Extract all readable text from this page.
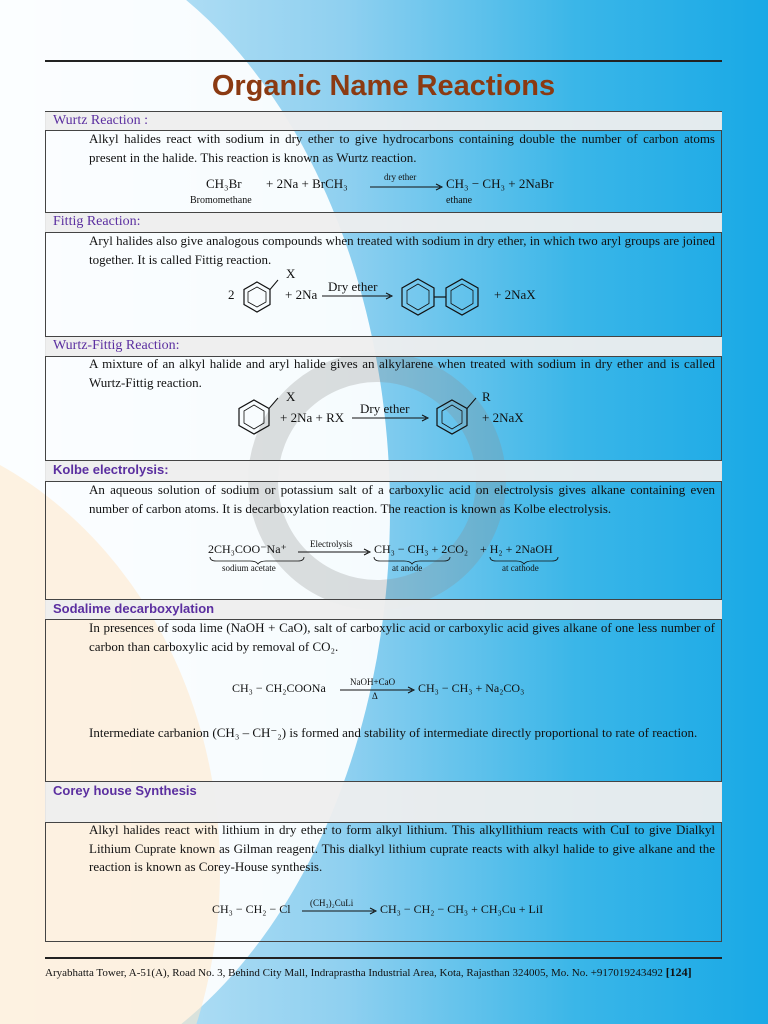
Organic Name Reactions
Wurtz Reaction :

Alkyl halides react with sodium in dry ether to give hydrocarbons containing double the number of carbon atoms present in the halide. This reaction is known as Wurtz reaction.

CH₃Br + 2Na + BrCH₃	dry ether CH₃ − CH₃ + 2NaBr
Bromomethane	ethane
Fittig Reaction:

Aryl halides also give analogous compounds when treated with sodium in dry ether, in which two aryl groups are joined together. It is called Fittig reaction.

2
X
+ 2Na
Dry ether
+ 2NaX
Wurtz-Fittig Reaction:

A mixture of an alkyl halide and aryl halide gives an alkylarene when treated with sodium in dry ether and is called Wurtz-Fittig reaction.

X
+ 2Na + RX
Dry ether
R
+ 2NaX
Kolbe electrolysis:

An aqueous solution of sodium or potassium salt of a carboxylic acid on electrolysis gives alkane containing even number of carbon atoms. It is decarboxylation reaction. The reaction is known as Kolbe electrolysis.

2CH₃COO⁻Na⁺	Electrolysis CH₃ − CH₃ + 2CO₂ + H₂ + 2NaOH
sodium acetate	at anode	at cathode
Sodalime decarboxylation

In presences of soda lime (NaOH + CaO), salt of carboxylic acid or carboxylic acid gives alkane of one less number of carbon than carboxylic acid by removal of CO₂.

CH₃ − CH₂COONa	NaOH+CaO
Δ
CH₃ − CH₃ + Na₂CO₃

Intermediate carbanion (CH₃ – CH⁻₂) is formed and stability of intermediate directly proportional to rate of reaction.

Corey house Synthesis

Alkyl halides react with lithium in dry ether to form alkyl lithium. This alkyllithium reacts with CuI to give Dialkyl Lithium Cuprate known as Gilman reagent. This dialkyl lithium cuprate reacts with alkyl halide to give alkane and the reaction is known as Corey-House synthesis.

CH₃ − CH₂ − Cl (CH₃)₂CuLi CH₃ − CH₂ − CH₃ + CH₃Cu + LiI
Aryabhatta Tower, A-51(A), Road No. 3, Behind City Mall, Indraprastha Industrial Area, Kota, Rajasthan 324005, Mo. No. +917019243492 [124]
